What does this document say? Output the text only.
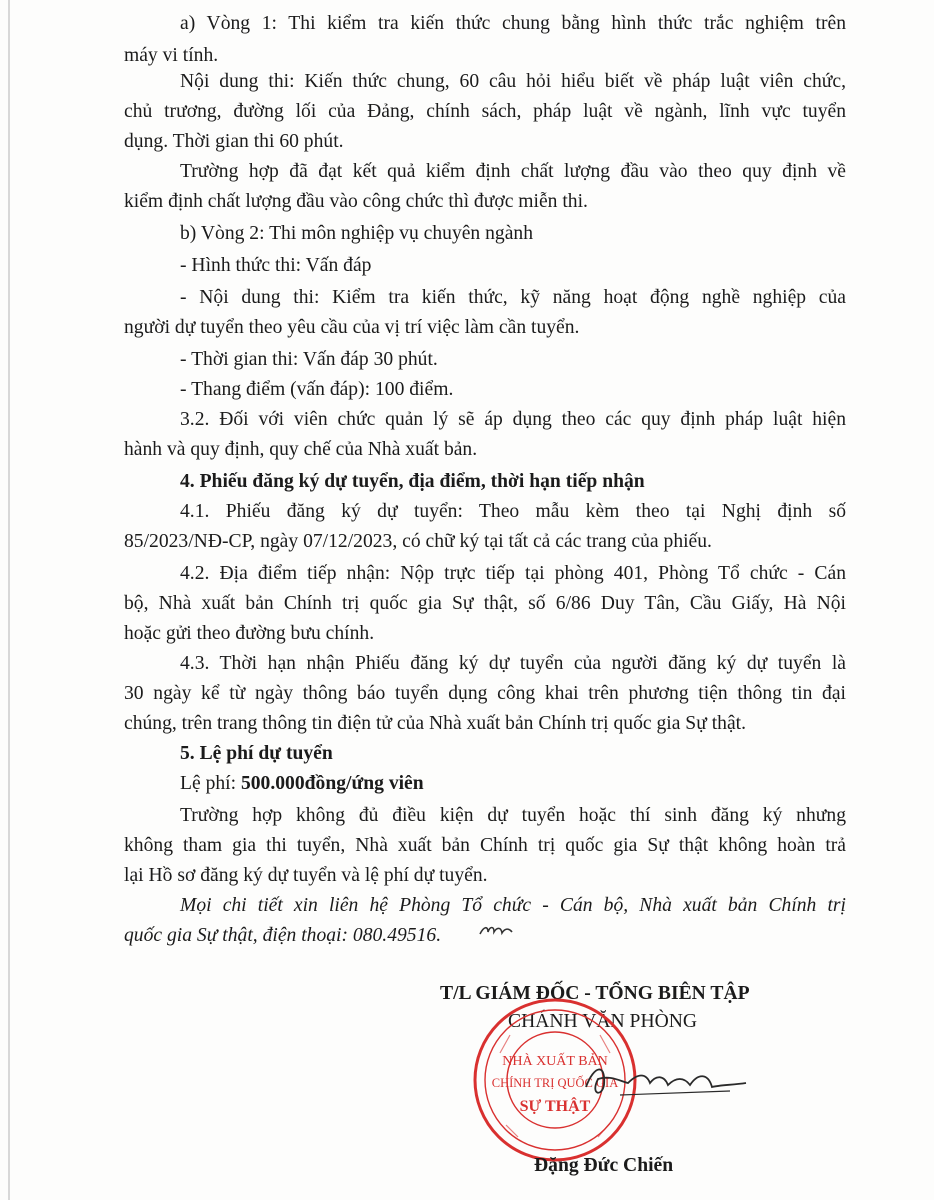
a) Vòng 1: Thi kiểm tra kiến thức chung bằng hình thức trắc nghiệm trên

máy vi tính.

Nội dung thi: Kiến thức chung, 60 câu hỏi hiểu biết về pháp luật viên chức,

chủ trương, đường lối của Đảng, chính sách, pháp luật về ngành, lĩnh vực tuyển

dụng. Thời gian thi 60 phút.

Trường hợp đã đạt kết quả kiểm định chất lượng đầu vào theo quy định về

kiểm định chất lượng đầu vào công chức thì được miễn thi.

b) Vòng 2: Thi môn nghiệp vụ chuyên ngành

- Hình thức thi: Vấn đáp

- Nội dung thi: Kiểm tra kiến thức, kỹ năng hoạt động nghề nghiệp của

người dự tuyển theo yêu cầu của vị trí việc làm cần tuyển.

- Thời gian thi: Vấn đáp 30 phút.

- Thang điểm (vấn đáp): 100 điểm.

3.2. Đối với viên chức quản lý sẽ áp dụng theo các quy định pháp luật hiện

hành và quy định, quy chế của Nhà xuất bản.

4. Phiếu đăng ký dự tuyển, địa điểm, thời hạn tiếp nhận

4.1. Phiếu đăng ký dự tuyển: Theo mẫu kèm theo tại Nghị định số

85/2023/NĐ-CP, ngày 07/12/2023, có chữ ký tại tất cả các trang của phiếu.

4.2. Địa điểm tiếp nhận: Nộp trực tiếp tại phòng 401, Phòng Tổ chức - Cán

bộ, Nhà xuất bản Chính trị quốc gia Sự thật, số 6/86 Duy Tân, Cầu Giấy, Hà Nội

hoặc gửi theo đường bưu chính.

4.3. Thời hạn nhận Phiếu đăng ký dự tuyển của người đăng ký dự tuyển là

30 ngày kể từ ngày thông báo tuyển dụng công khai trên phương tiện thông tin đại

chúng, trên trang thông tin điện tử của Nhà xuất bản Chính trị quốc gia Sự thật.

5. Lệ phí dự tuyển

Lệ phí: 500.000đồng/ứng viên

Trường hợp không đủ điều kiện dự tuyển hoặc thí sinh đăng ký nhưng

không tham gia thi tuyển, Nhà xuất bản Chính trị quốc gia Sự thật không hoàn trả

lại Hồ sơ đăng ký dự tuyển và lệ phí dự tuyển.

Mọi chi tiết xin liên hệ Phòng Tổ chức - Cán bộ, Nhà xuất bản Chính trị

quốc gia Sự thật, điện thoại: 080.49516.

T/L GIÁM ĐỐC - TỔNG BIÊN TẬP

CHÁNH VĂN PHÒNG

NHÀ XUẤT BẢN
CHÍNH TRỊ QUỐC GIA
SỰ THẬT

Đặng Đức Chiến
